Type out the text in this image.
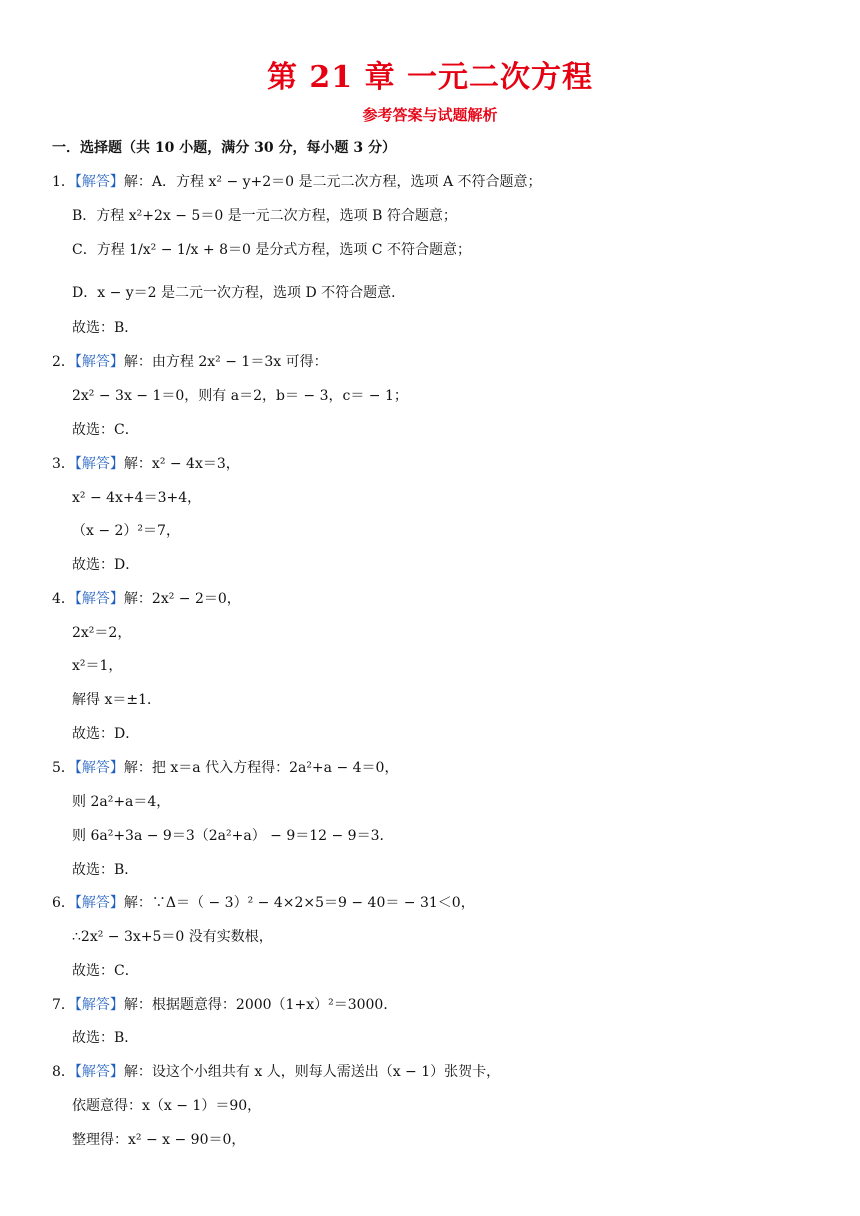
第 21 章 一元二次方程
参考答案与试题解析
一．选择题（共 10 小题，满分 30 分，每小题 3 分）
1．【解答】解：A．方程 x² − y+2＝0 是二元二次方程，选项 A 不符合题意；
B．方程 x²+2x − 5＝0 是一元二次方程，选项 B 符合题意；
C．方程 1/x² − 1/x + 8＝0 是分式方程，选项 C 不符合题意；
D．x − y＝2 是二元一次方程，选项 D 不符合题意．
故选：B．
2．【解答】解：由方程 2x² − 1＝3x 可得：
2x² − 3x − 1＝0，则有 a＝2，b＝ − 3，c＝ − 1；
故选：C．
3．【解答】解：x² − 4x＝3，
x² − 4x+4＝3+4，
（x − 2）²＝7，
故选：D．
4．【解答】解：2x² − 2＝0，
2x²＝2，
x²＝1，
解得 x＝±1．
故选：D．
5．【解答】解：把 x＝a 代入方程得：2a²+a − 4＝0，
则 2a²+a＝4，
则 6a²+3a − 9＝3（2a²+a） − 9＝12 − 9＝3．
故选：B．
6．【解答】解：∵Δ＝（ − 3）² − 4×2×5＝9 − 40＝ − 31＜0，
∴2x² − 3x+5＝0 没有实数根，
故选：C．
7．【解答】解：根据题意得：2000（1+x）²＝3000．
故选：B．
8．【解答】解：设这个小组共有 x 人，则每人需送出（x − 1）张贺卡，
依题意得：x（x − 1）＝90，
整理得：x² − x − 90＝0，
